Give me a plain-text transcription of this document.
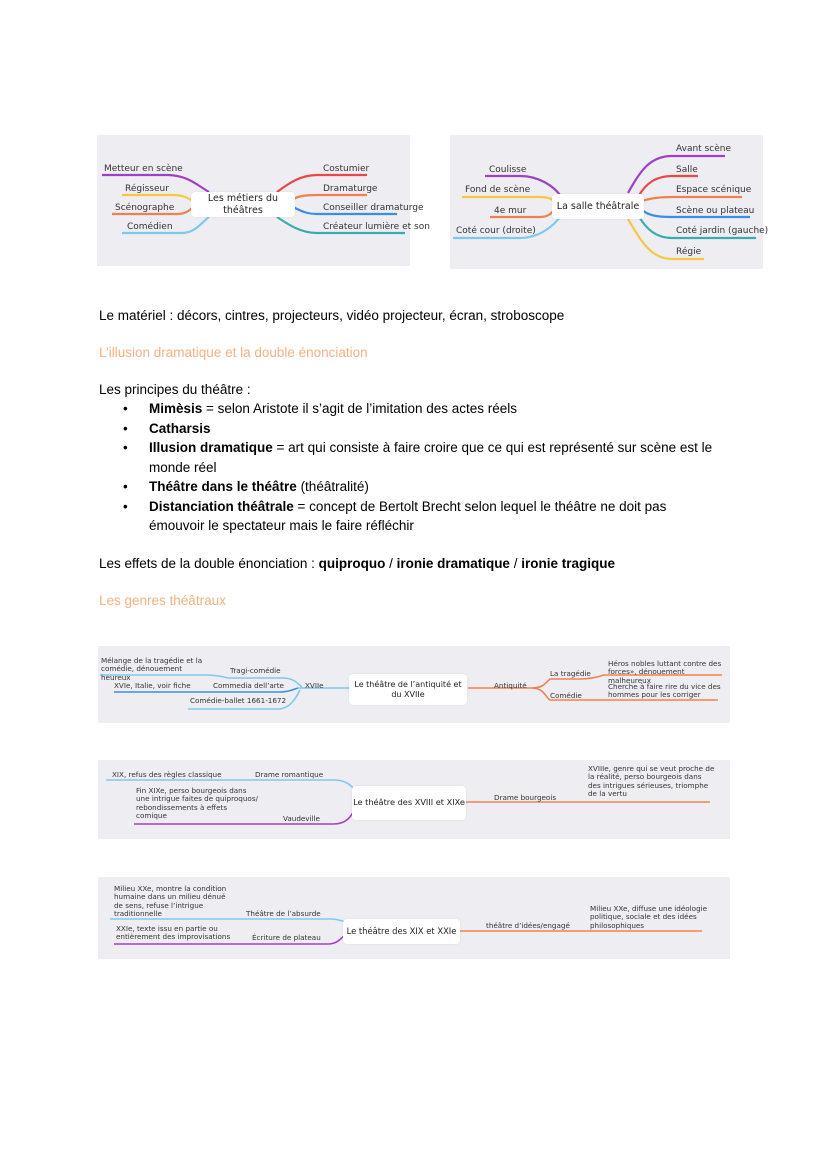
Metteur en scène
Régisseur
Scénographe
Comédien
Les métiers du théâtres
Costumier
Dramaturge
Conseiller dramaturge
Créateur lumière et son
Coulisse
Fond de scène
4e mur
Coté cour (droite)
La salle théâtrale
Avant scène
Salle
Espace scénique
Scène ou plateau
Coté jardin (gauche)
Régie
Le matériel : décors, cintres, projecteurs, vidéo projecteur, écran, stroboscope
L’illusion dramatique et la double énonciation
Les principes du théâtre :
• Mimèsis = selon Aristote il s’agit de l’imitation des actes réels
• Catharsis
• Illusion dramatique = art qui consiste à faire croire que ce qui est représenté sur scène est le
monde réel
• Théâtre dans le théâtre (théâtralité)
• Distanciation théâtrale = concept de Bertolt Brecht selon lequel le théâtre ne doit pas
émouvoir le spectateur mais le faire réfléchir
Les effets de la double énonciation : quiproquo / ironie dramatique / ironie tragique
Les genres théâtraux
Mélange de la tragédie et la comédie, dénouement heureux
Tragi-comédie
XVIe, Italie, voir fiche	Commedia dell’arte	XVIIe
Comédie-ballet 1661-1672
Le théâtre de l’antiquité et du XVIIe
Antiquité
La tragédie
Héros nobles luttant contre des forces», dénouement malheureux
Comédie
Cherche à faire rire du vice des hommes pour les corriger
XIX, refus des règles classique	Drame romantique
Fin XIXe, perso bourgeois dans une intrigue faites de quiproquos/ rebondissements à effets comique	Vaudeville
Le théâtre des XVIII et XIXe	Drame bourgeois
XVIIIe, genre qui se veut proche de la réalité, perso bourgeois dans des intrigues sérieuses, triomphe de la vertu
Milieu XXe, montre la condition humaine dans un milieu dénué de sens, refuse l’intrigue traditionnelle	Théâtre de l’absurde
XXIe, texte issu en partie ou entièrement des improvisations	Écriture de plateau
Le théâtre des XIX et XXIe
théâtre d’idées/engagé
Milieu XXe, diffuse une idéologie politique, sociale et des idées philosophiques
